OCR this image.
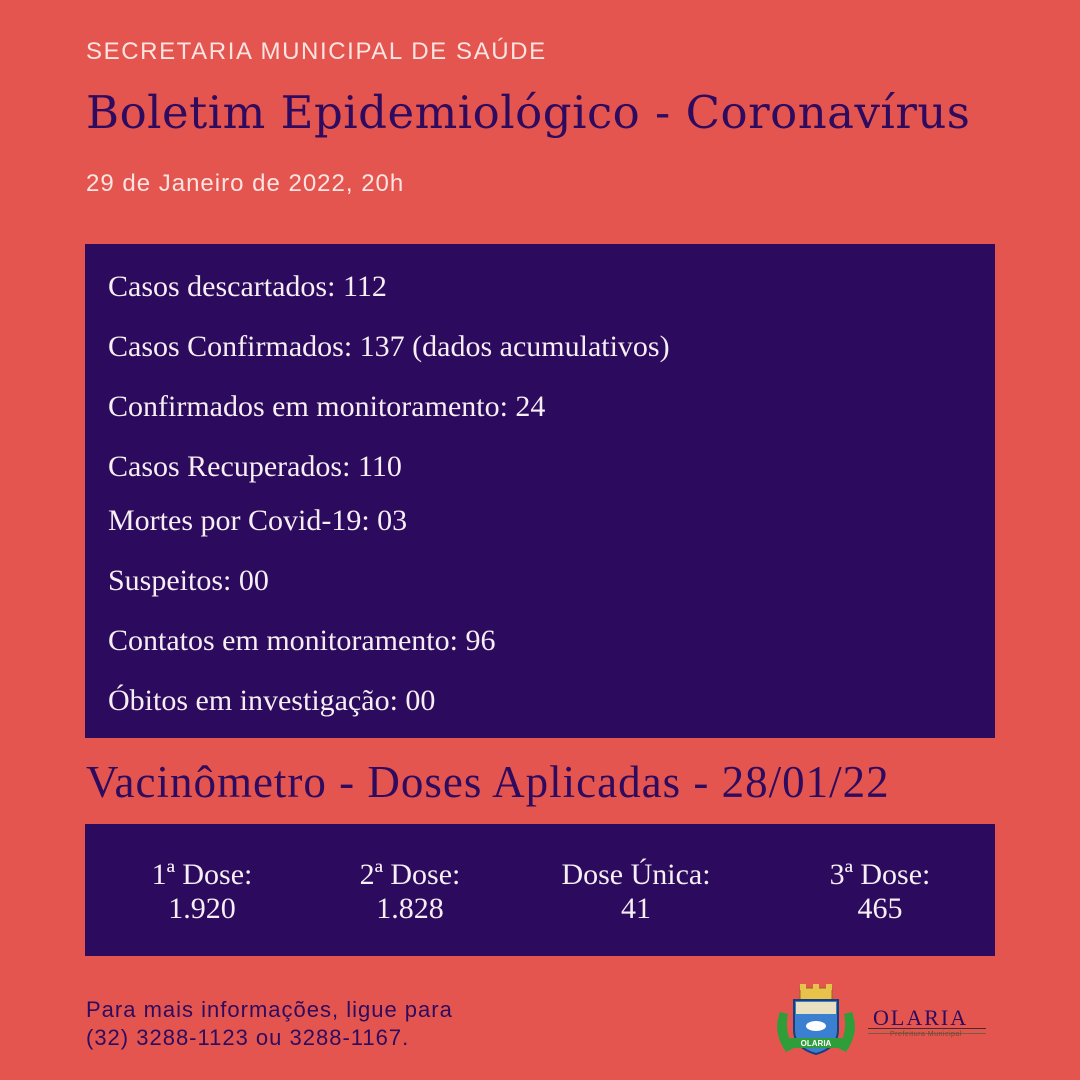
SECRETARIA MUNICIPAL DE SAÚDE
Boletim Epidemiológico - Coronavírus
29 de Janeiro de 2022, 20h
Casos descartados: 112
Casos Confirmados: 137 (dados acumulativos)
Confirmados em monitoramento: 24
Casos Recuperados: 110
Mortes por Covid-19: 03
Suspeitos: 00
Contatos em monitoramento: 96
Óbitos em investigação: 00
Vacinômetro - Doses Aplicadas - 28/01/22
1ª Dose:
1.920
2ª Dose:
1.828
Dose Única:
41
3ª Dose:
465
Para mais informações, ligue para
(32) 3288-1123 ou 3288-1167.	OLARIA
OLARIA
Prefeitura Municipal
